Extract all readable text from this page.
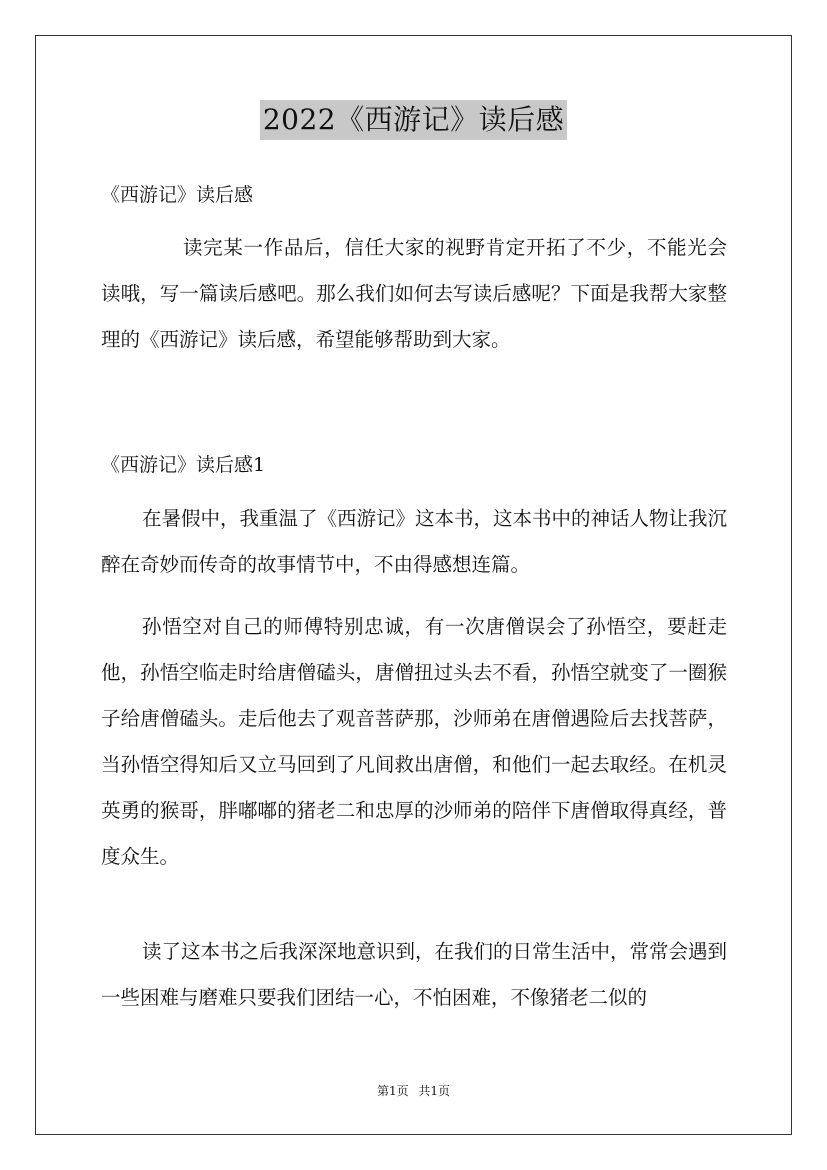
2022《西游记》读后感
《西游记》读后感

读完某一作品后，信任大家的视野肯定开拓了不少，不能光会读哦，写一篇读后感吧。那么我们如何去写读后感呢？下面是我帮大家整理的《西游记》读后感，希望能够帮助到大家。

《西游记》读后感1

在暑假中，我重温了《西游记》这本书，这本书中的神话人物让我沉醉在奇妙而传奇的故事情节中，不由得感想连篇。

孙悟空对自己的师傅特别忠诚，有一次唐僧误会了孙悟空，要赶走他，孙悟空临走时给唐僧磕头，唐僧扭过头去不看，孙悟空就变了一圈猴子给唐僧磕头。走后他去了观音菩萨那，沙师弟在唐僧遇险后去找菩萨，当孙悟空得知后又立马回到了凡间救出唐僧，和他们一起去取经。在机灵英勇的猴哥，胖嘟嘟的猪老二和忠厚的沙师弟的陪伴下唐僧取得真经，普度众生。

读了这本书之后我深深地意识到，在我们的日常生活中，常常会遇到一些困难与磨难只要我们团结一心，不怕困难，不像猪老二似的

第1页 共1页
